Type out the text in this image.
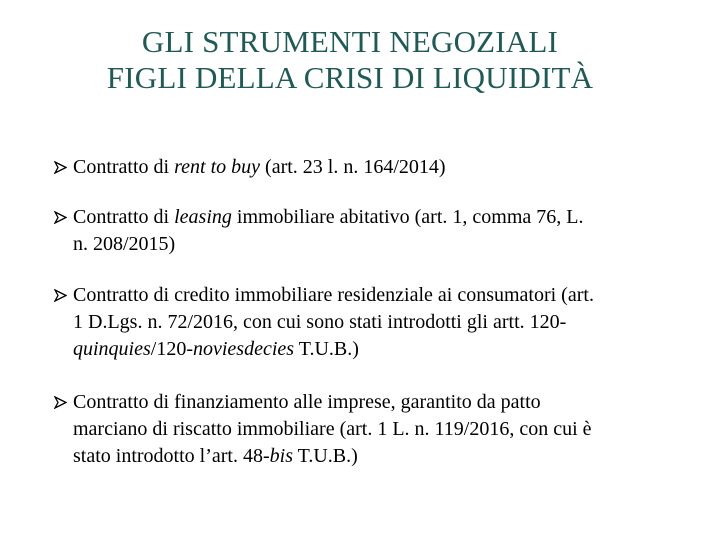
GLI STRUMENTI NEGOZIALI
FIGLI DELLA CRISI DI LIQUIDITÀ
Contratto di rent to buy (art. 23 l. n. 164/2014)
Contratto di leasing immobiliare abitativo (art. 1, comma 76, L.
n. 208/2015)
Contratto di credito immobiliare residenziale ai consumatori (art.
1 D.Lgs. n. 72/2016, con cui sono stati introdotti gli artt. 120-
quinquies/120-noviesdecies T.U.B.)
Contratto di finanziamento alle imprese, garantito da patto
marciano di riscatto immobiliare (art. 1 L. n. 119/2016, con cui è
stato introdotto l’art. 48-bis T.U.B.)
